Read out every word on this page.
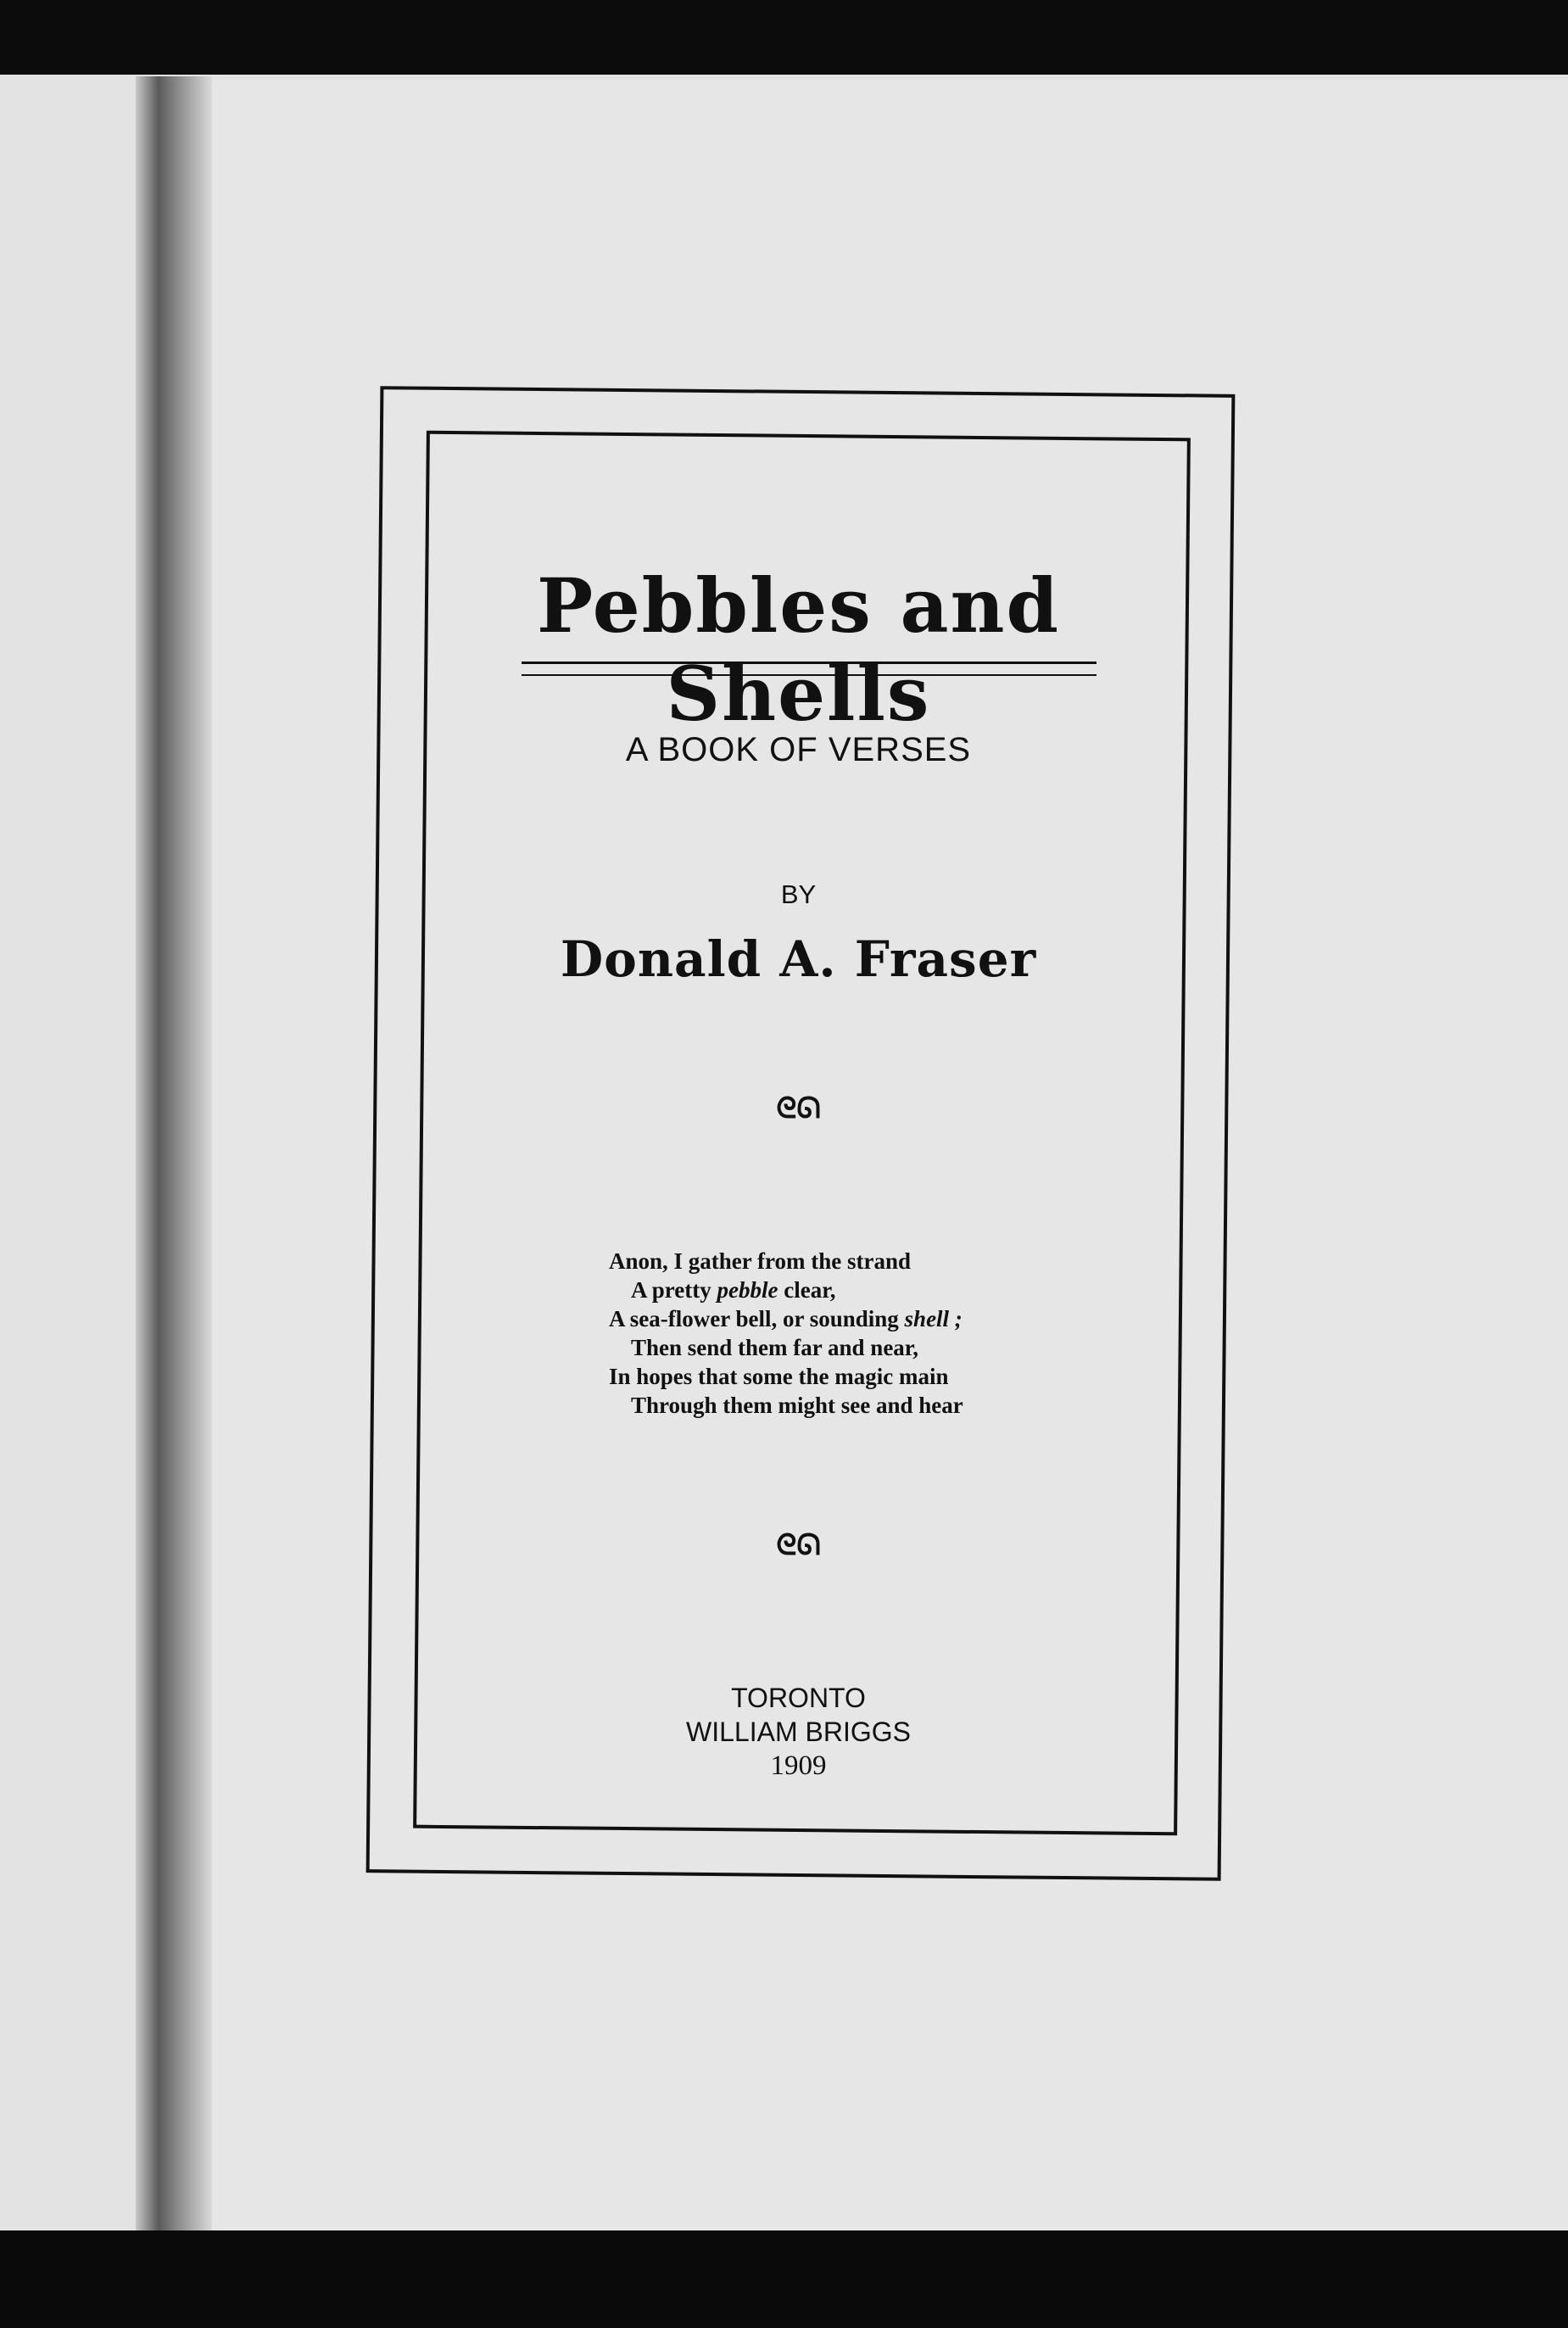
Pebbles and Shells
A BOOK OF VERSES
BY
Donald A. Fraser
ᘓᘏ
Anon, I gather from the strand
A pretty pebble clear,
A sea-flower bell, or sounding shell ;
Then send them far and near,
In hopes that some the magic main
Through them might see and hear
ᘓᘏ
TORONTO
WILLIAM BRIGGS
1909
